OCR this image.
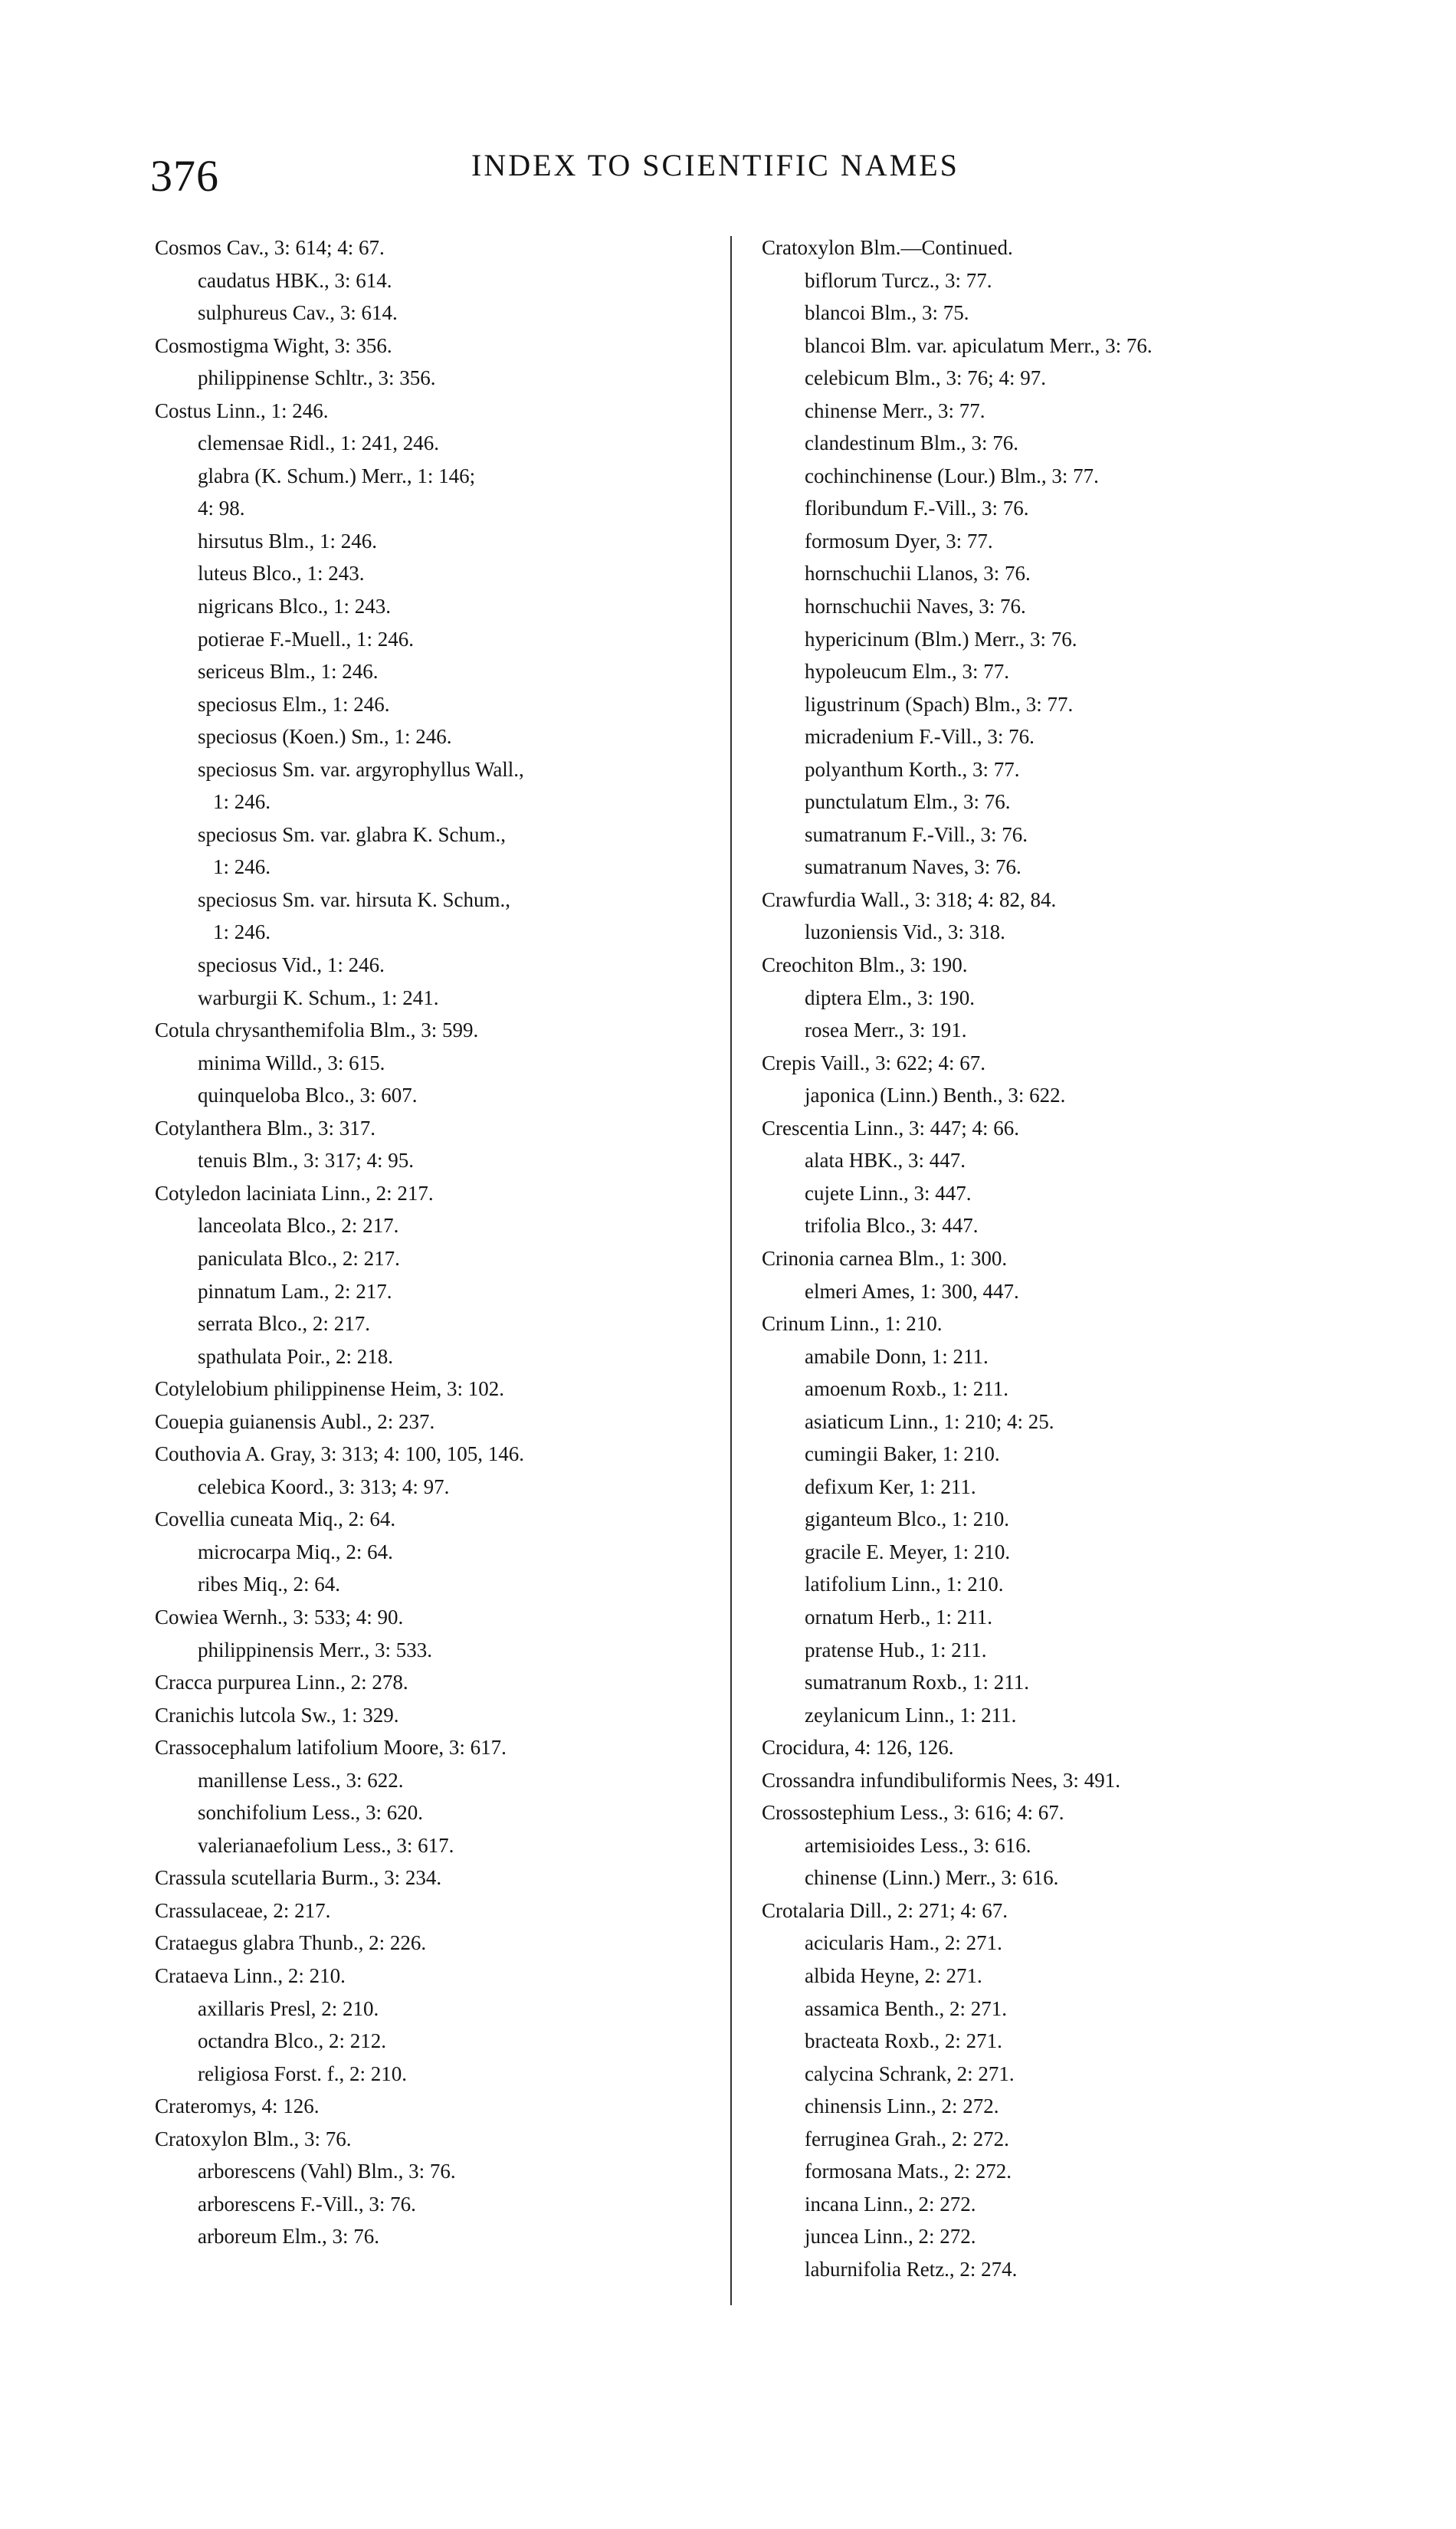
376	INDEX TO SCIENTIFIC NAMES
Cosmos Cav., 3: 614; 4: 67.
caudatus HBK., 3: 614.
sulphureus Cav., 3: 614.
Cosmostigma Wight, 3: 356.
philippinense Schltr., 3: 356.
Costus Linn., 1: 246.
clemensae Ridl., 1: 241, 246.
glabra (K. Schum.) Merr., 1: 146;
4: 98.
hirsutus Blm., 1: 246.
luteus Blco., 1: 243.
nigricans Blco., 1: 243.
potierae F.-Muell., 1: 246.
sericeus Blm., 1: 246.
speciosus Elm., 1: 246.
speciosus (Koen.) Sm., 1: 246.
speciosus Sm. var. argyrophyllus Wall.,
1: 246.
speciosus Sm. var. glabra K. Schum.,
1: 246.
speciosus Sm. var. hirsuta K. Schum.,
1: 246.
speciosus Vid., 1: 246.
warburgii K. Schum., 1: 241.
Cotula chrysanthemifolia Blm., 3: 599.
minima Willd., 3: 615.
quinqueloba Blco., 3: 607.
Cotylanthera Blm., 3: 317.
tenuis Blm., 3: 317; 4: 95.
Cotyledon laciniata Linn., 2: 217.
lanceolata Blco., 2: 217.
paniculata Blco., 2: 217.
pinnatum Lam., 2: 217.
serrata Blco., 2: 217.
spathulata Poir., 2: 218.
Cotylelobium philippinense Heim, 3: 102.
Couepia guianensis Aubl., 2: 237.
Couthovia A. Gray, 3: 313; 4: 100, 105, 146.
celebica Koord., 3: 313; 4: 97.
Covellia cuneata Miq., 2: 64.
microcarpa Miq., 2: 64.
ribes Miq., 2: 64.
Cowiea Wernh., 3: 533; 4: 90.
philippinensis Merr., 3: 533.
Cracca purpurea Linn., 2: 278.
Cranichis lutcola Sw., 1: 329.
Crassocephalum latifolium Moore, 3: 617.
manillense Less., 3: 622.
sonchifolium Less., 3: 620.
valerianaefolium Less., 3: 617.
Crassula scutellaria Burm., 3: 234.
Crassulaceae, 2: 217.
Crataegus glabra Thunb., 2: 226.
Crataeva Linn., 2: 210.
axillaris Presl, 2: 210.
octandra Blco., 2: 212.
religiosa Forst. f., 2: 210.
Crateromys, 4: 126.
Cratoxylon Blm., 3: 76.
arborescens (Vahl) Blm., 3: 76.
arborescens F.-Vill., 3: 76.
arboreum Elm., 3: 76.
Cratoxylon Blm.—Continued.
biflorum Turcz., 3: 77.
blancoi Blm., 3: 75.
blancoi Blm. var. apiculatum Merr., 3: 76.
celebicum Blm., 3: 76; 4: 97.
chinense Merr., 3: 77.
clandestinum Blm., 3: 76.
cochinchinense (Lour.) Blm., 3: 77.
floribundum F.-Vill., 3: 76.
formosum Dyer, 3: 77.
hornschuchii Llanos, 3: 76.
hornschuchii Naves, 3: 76.
hypericinum (Blm.) Merr., 3: 76.
hypoleucum Elm., 3: 77.
ligustrinum (Spach) Blm., 3: 77.
micradenium F.-Vill., 3: 76.
polyanthum Korth., 3: 77.
punctulatum Elm., 3: 76.
sumatranum F.-Vill., 3: 76.
sumatranum Naves, 3: 76.
Crawfurdia Wall., 3: 318; 4: 82, 84.
luzoniensis Vid., 3: 318.
Creochiton Blm., 3: 190.
diptera Elm., 3: 190.
rosea Merr., 3: 191.
Crepis Vaill., 3: 622; 4: 67.
japonica (Linn.) Benth., 3: 622.
Crescentia Linn., 3: 447; 4: 66.
alata HBK., 3: 447.
cujete Linn., 3: 447.
trifolia Blco., 3: 447.
Crinonia carnea Blm., 1: 300.
elmeri Ames, 1: 300, 447.
Crinum Linn., 1: 210.
amabile Donn, 1: 211.
amoenum Roxb., 1: 211.
asiaticum Linn., 1: 210; 4: 25.
cumingii Baker, 1: 210.
defixum Ker, 1: 211.
giganteum Blco., 1: 210.
gracile E. Meyer, 1: 210.
latifolium Linn., 1: 210.
ornatum Herb., 1: 211.
pratense Hub., 1: 211.
sumatranum Roxb., 1: 211.
zeylanicum Linn., 1: 211.
Crocidura, 4: 126, 126.
Crossandra infundibuliformis Nees, 3: 491.
Crossostephium Less., 3: 616; 4: 67.
artemisioides Less., 3: 616.
chinense (Linn.) Merr., 3: 616.
Crotalaria Dill., 2: 271; 4: 67.
acicularis Ham., 2: 271.
albida Heyne, 2: 271.
assamica Benth., 2: 271.
bracteata Roxb., 2: 271.
calycina Schrank, 2: 271.
chinensis Linn., 2: 272.
ferruginea Grah., 2: 272.
formosana Mats., 2: 272.
incana Linn., 2: 272.
juncea Linn., 2: 272.
laburnifolia Retz., 2: 274.
